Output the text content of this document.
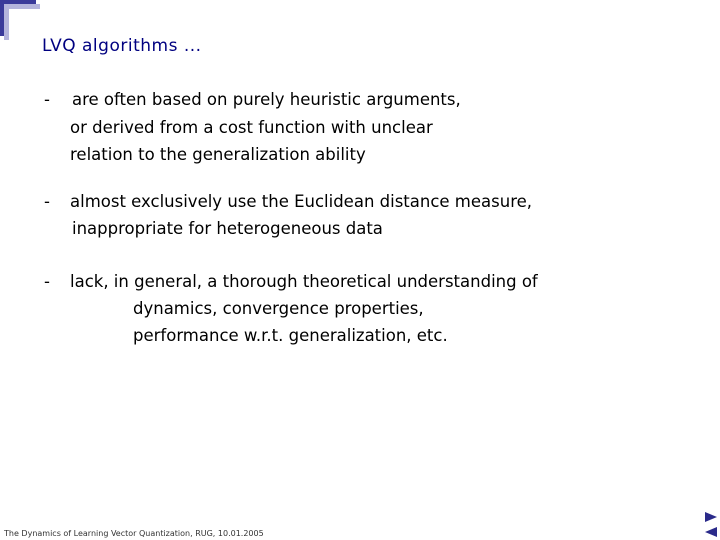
LVQ algorithms ...
- are often based on purely heuristic arguments,
or derived from a cost function with unclear
relation to the generalization ability
- almost exclusively use the Euclidean distance measure,
inappropriate for heterogeneous data
- lack, in general, a thorough theoretical understanding of
dynamics, convergence properties,
performance w.r.t. generalization, etc.
The Dynamics of Learning Vector Quantization, RUG, 10.01.2005
